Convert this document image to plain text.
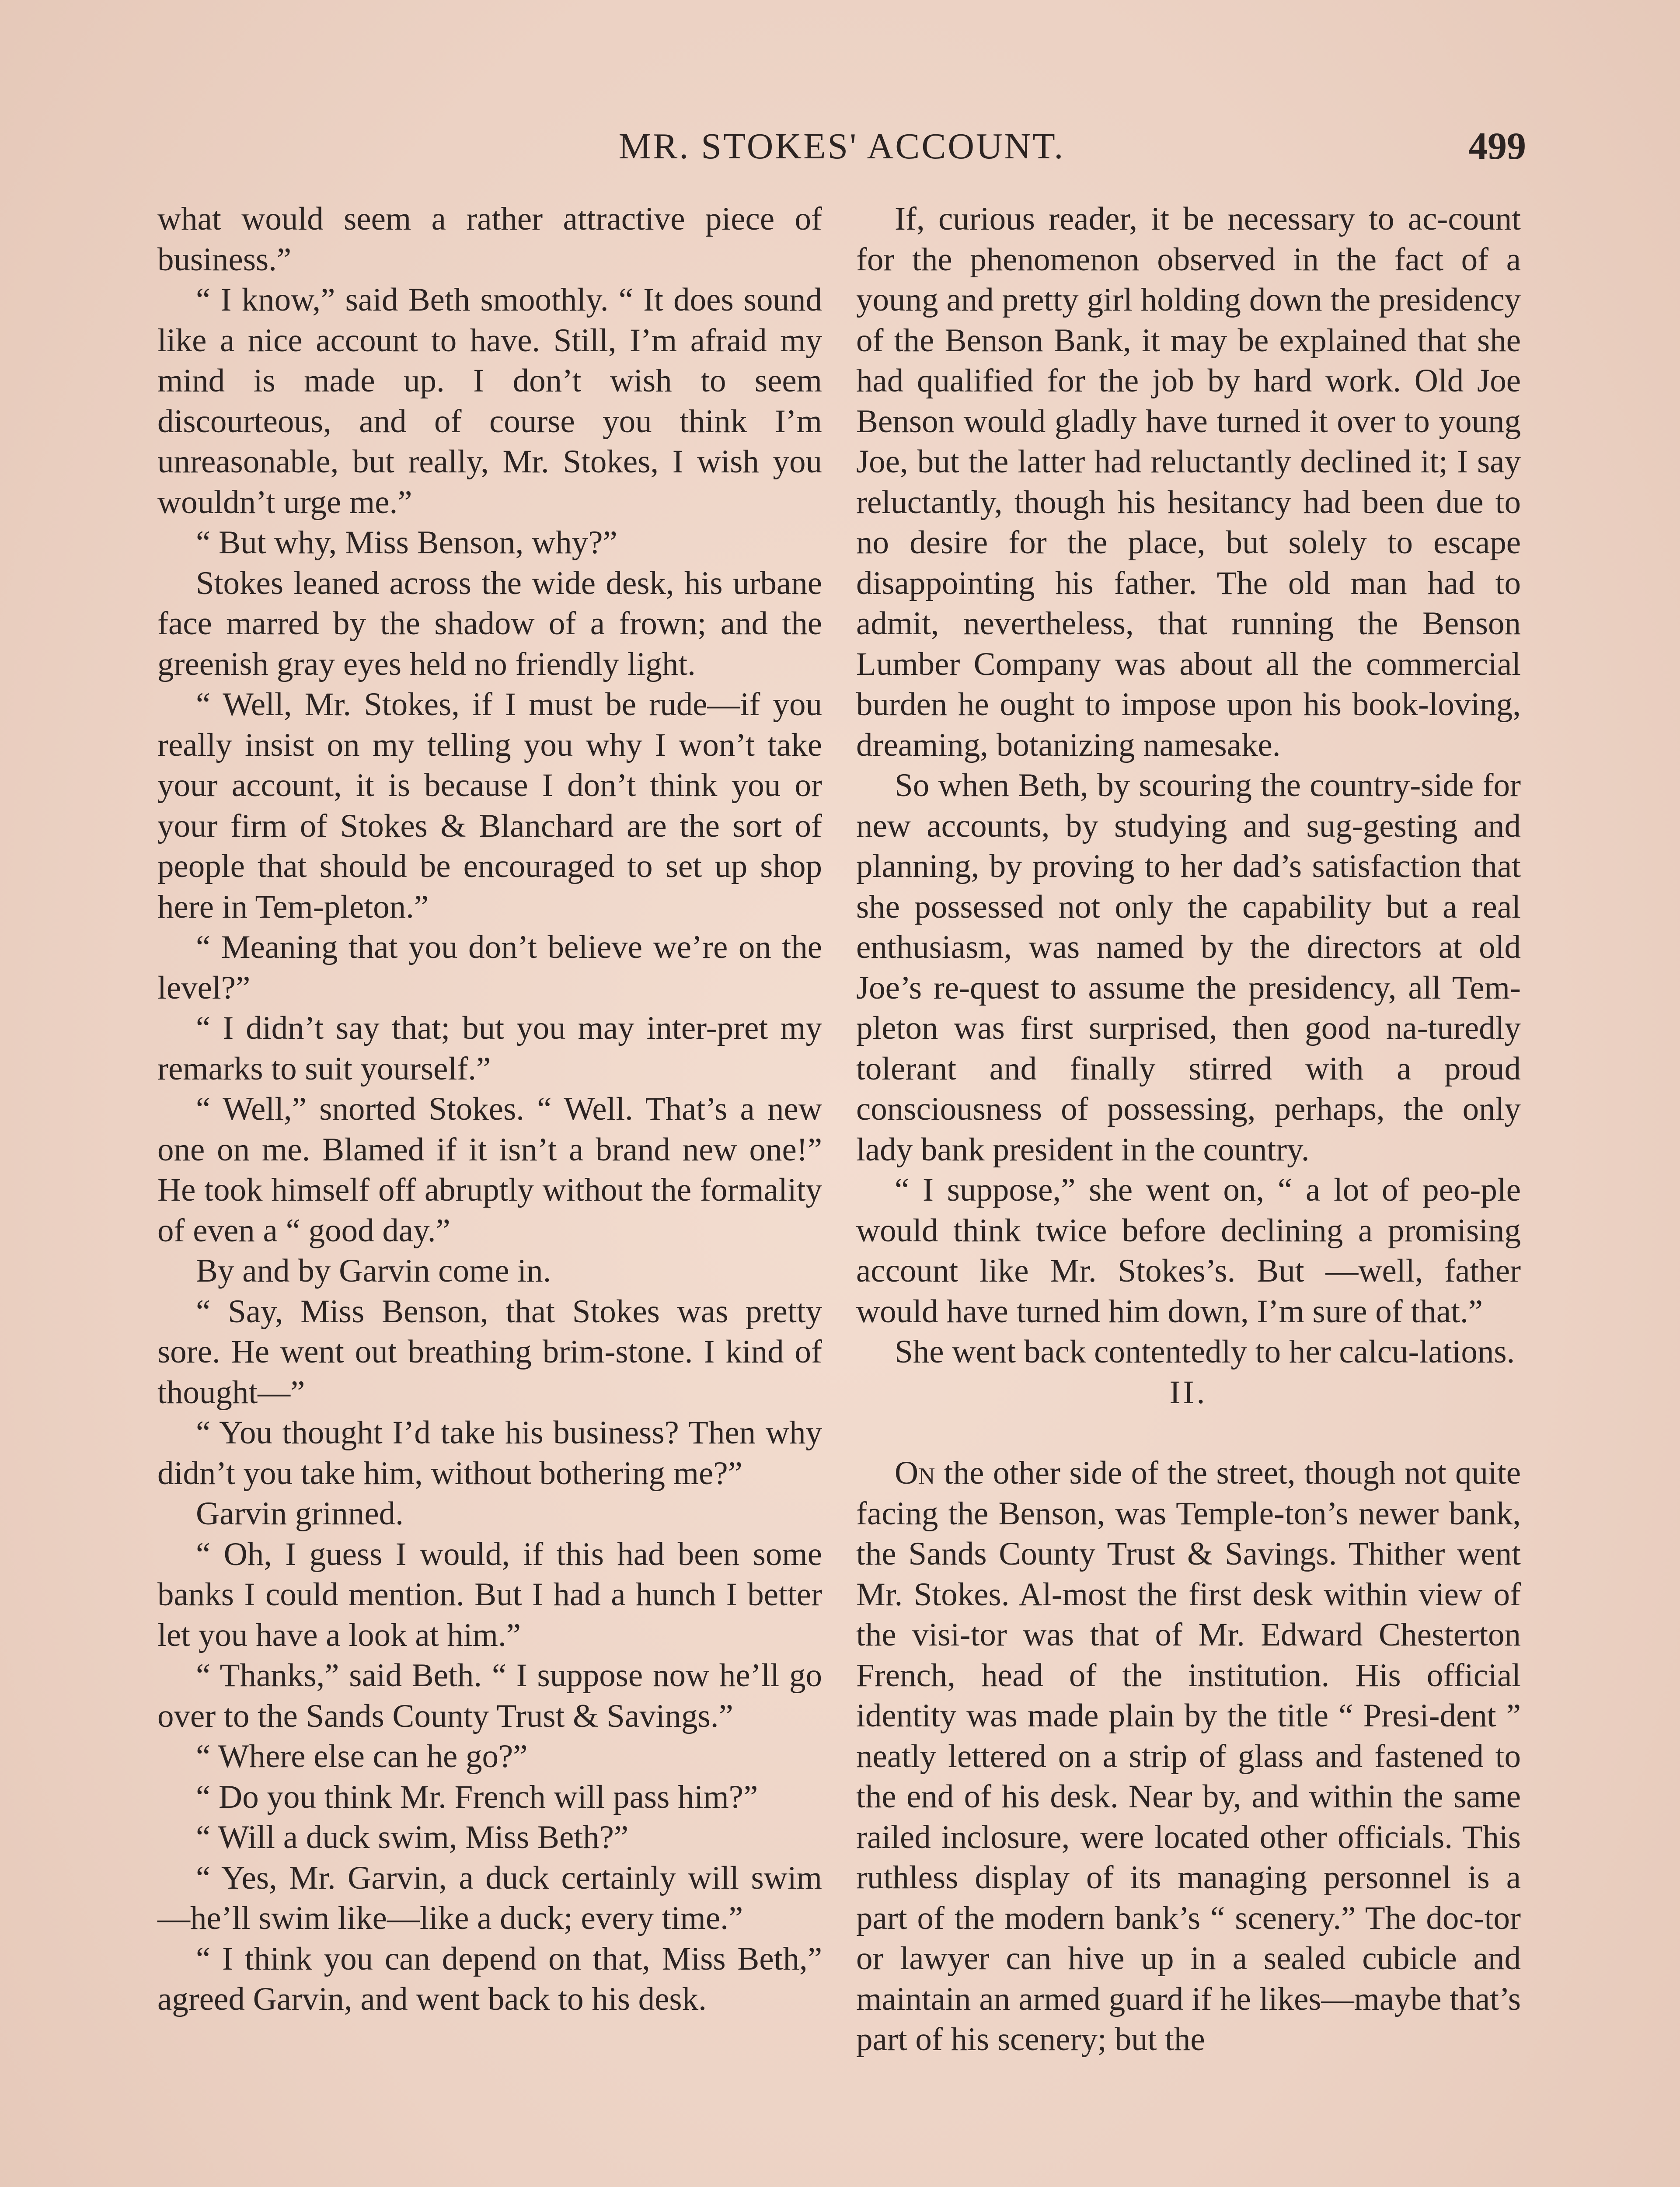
MR. STOKES' ACCOUNT.	499

what would seem a rather attractive piece of business.”

“ I know,” said Beth smoothly. “ It does sound like a nice account to have. Still, I’m afraid my mind is made up. I don’t wish to seem discourteous, and of course you think I’m unreasonable, but really, Mr. Stokes, I wish you wouldn’t urge me.”

“ But why, Miss Benson, why?”

Stokes leaned across the wide desk, his urbane face marred by the shadow of a frown; and the greenish gray eyes held no friendly light.

“ Well, Mr. Stokes, if I must be rude—if you really insist on my telling you why I won’t take your account, it is because I don’t think you or your firm of Stokes & Blanchard are the sort of people that should be encouraged to set up shop here in Tem-pleton.”

“ Meaning that you don’t believe we’re on the level?”

“ I didn’t say that; but you may inter-pret my remarks to suit yourself.”

“ Well,” snorted Stokes. “ Well. That’s a new one on me. Blamed if it isn’t a brand new one!” He took himself off abruptly without the formality of even a “ good day.”

By and by Garvin come in.

“ Say, Miss Benson, that Stokes was pretty sore. He went out breathing brim-stone. I kind of thought—”

“ You thought I’d take his business? Then why didn’t you take him, without bothering me?”

Garvin grinned.

“ Oh, I guess I would, if this had been some banks I could mention. But I had a hunch I better let you have a look at him.”

“ Thanks,” said Beth. “ I suppose now he’ll go over to the Sands County Trust & Savings.”

“ Where else can he go?”

“ Do you think Mr. French will pass him?”

“ Will a duck swim, Miss Beth?”

“ Yes, Mr. Garvin, a duck certainly will swim—he’ll swim like—like a duck; every time.”

“ I think you can depend on that, Miss Beth,” agreed Garvin, and went back to his desk.

If, curious reader, it be necessary to ac-count for the phenomenon observed in the fact of a young and pretty girl holding down the presidency of the Benson Bank, it may be explained that she had qualified for the job by hard work. Old Joe Benson would gladly have turned it over to young Joe, but the latter had reluctantly declined it; I say reluctantly, though his hesitancy had been due to no desire for the place, but solely to escape disappointing his father. The old man had to admit, nevertheless, that running the Benson Lumber Company was about all the commercial burden he ought to impose upon his book-loving, dreaming, botanizing namesake.

So when Beth, by scouring the country-side for new accounts, by studying and sug-gesting and planning, by proving to her dad’s satisfaction that she possessed not only the capability but a real enthusiasm, was named by the directors at old Joe’s re-quest to assume the presidency, all Tem-pleton was first surprised, then good na-turedly tolerant and finally stirred with a proud consciousness of possessing, perhaps, the only lady bank president in the country.

“ I suppose,” she went on, “ a lot of peo-ple would think twice before declining a promising account like Mr. Stokes’s. But —well, father would have turned him down, I’m sure of that.”

She went back contentedly to her calcu-lations.

II.

On the other side of the street, though not quite facing the Benson, was Temple-ton’s newer bank, the Sands County Trust & Savings. Thither went Mr. Stokes. Al-most the first desk within view of the visi-tor was that of Mr. Edward Chesterton French, head of the institution. His official identity was made plain by the title “ Presi-dent ” neatly lettered on a strip of glass and fastened to the end of his desk. Near by, and within the same railed inclosure, were located other officials. This ruthless display of its managing personnel is a part of the modern bank’s “ scenery.” The doc-tor or lawyer can hive up in a sealed cubicle and maintain an armed guard if he likes—maybe that’s part of his scenery; but the
